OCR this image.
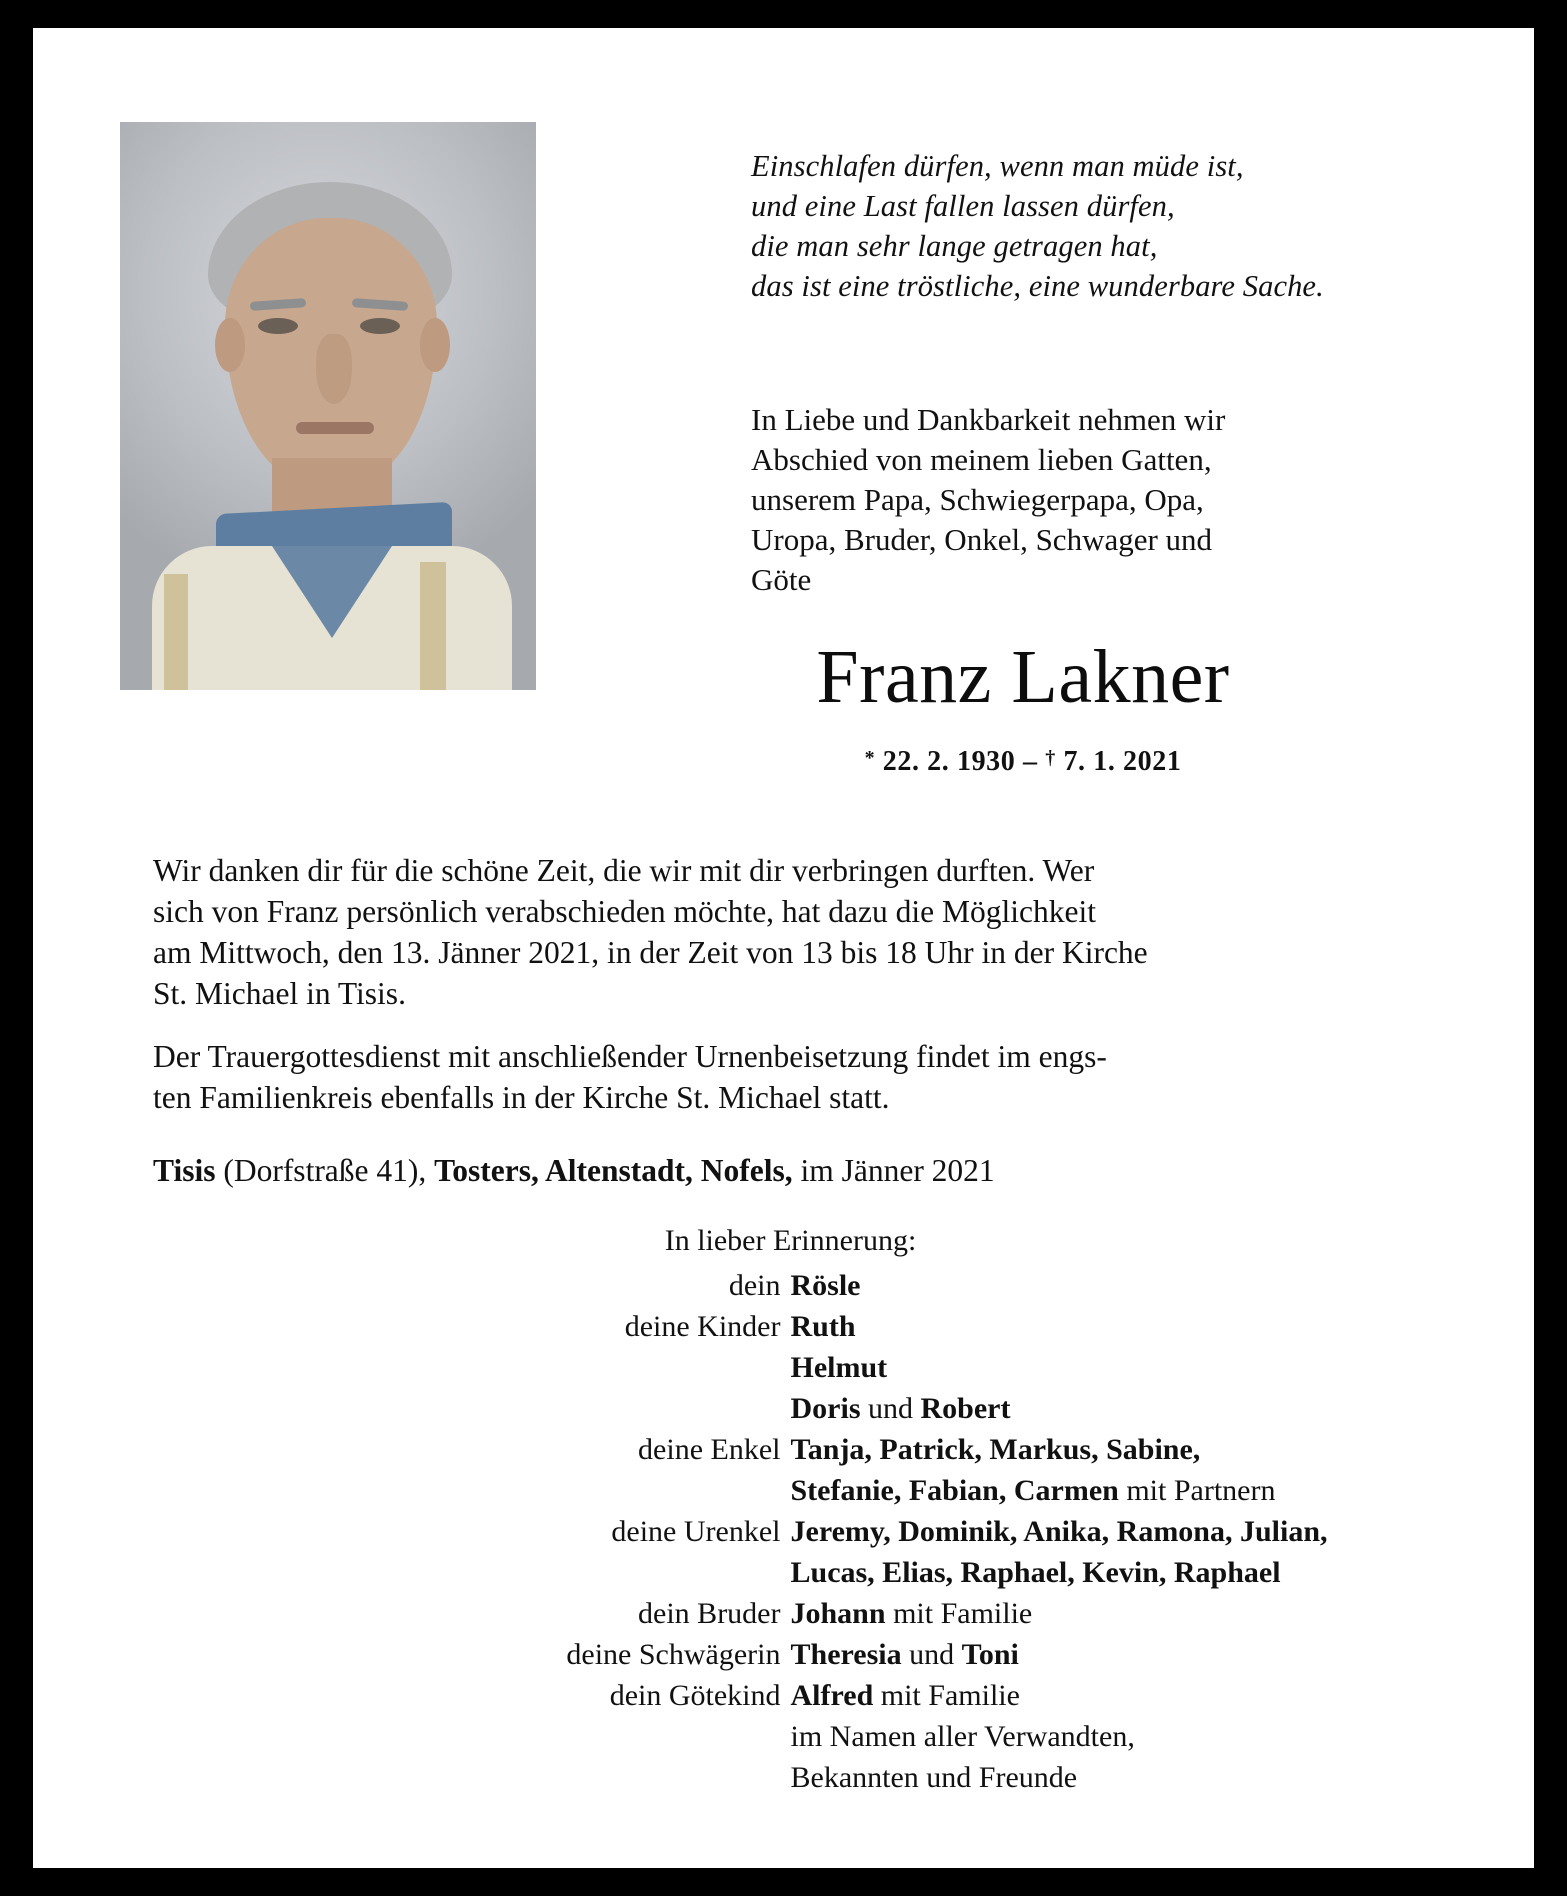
Einschlafen dürfen, wenn man müde ist,
und eine Last fallen lassen dürfen,
die man sehr lange getragen hat,
das ist eine tröstliche, eine wunderbare Sache.
In Liebe und Dankbarkeit nehmen wir
Abschied von meinem lieben Gatten,
unserem Papa, Schwiegerpapa, Opa,
Uropa, Bruder, Onkel, Schwager und
Göte
Franz Lakner
* 22. 2. 1930 – † 7. 1. 2021
Wir danken dir für die schöne Zeit, die wir mit dir verbringen durften. Wer
sich von Franz persönlich verabschieden möchte, hat dazu die Möglichkeit
am Mittwoch, den 13. Jänner 2021, in der Zeit von 13 bis 18 Uhr in der Kirche
St. Michael in Tisis.
Der Trauergottesdienst mit anschließender Urnenbeisetzung findet im engs-
ten Familienkreis ebenfalls in der Kirche St. Michael statt.
Tisis (Dorfstraße 41), Tosters, Altenstadt, Nofels, im Jänner 2021
In lieber Erinnerung:
dein Rösle
deine Kinder Ruth
Helmut
Doris und Robert
deine Enkel Tanja, Patrick, Markus, Sabine,
Stefanie, Fabian, Carmen mit Partnern
deine Urenkel Jeremy, Dominik, Anika, Ramona, Julian,
Lucas, Elias, Raphael, Kevin, Raphael
dein Bruder Johann mit Familie
deine Schwägerin Theresia und Toni
dein Götekind Alfred mit Familie
im Namen aller Verwandten,
Bekannten und Freunde
